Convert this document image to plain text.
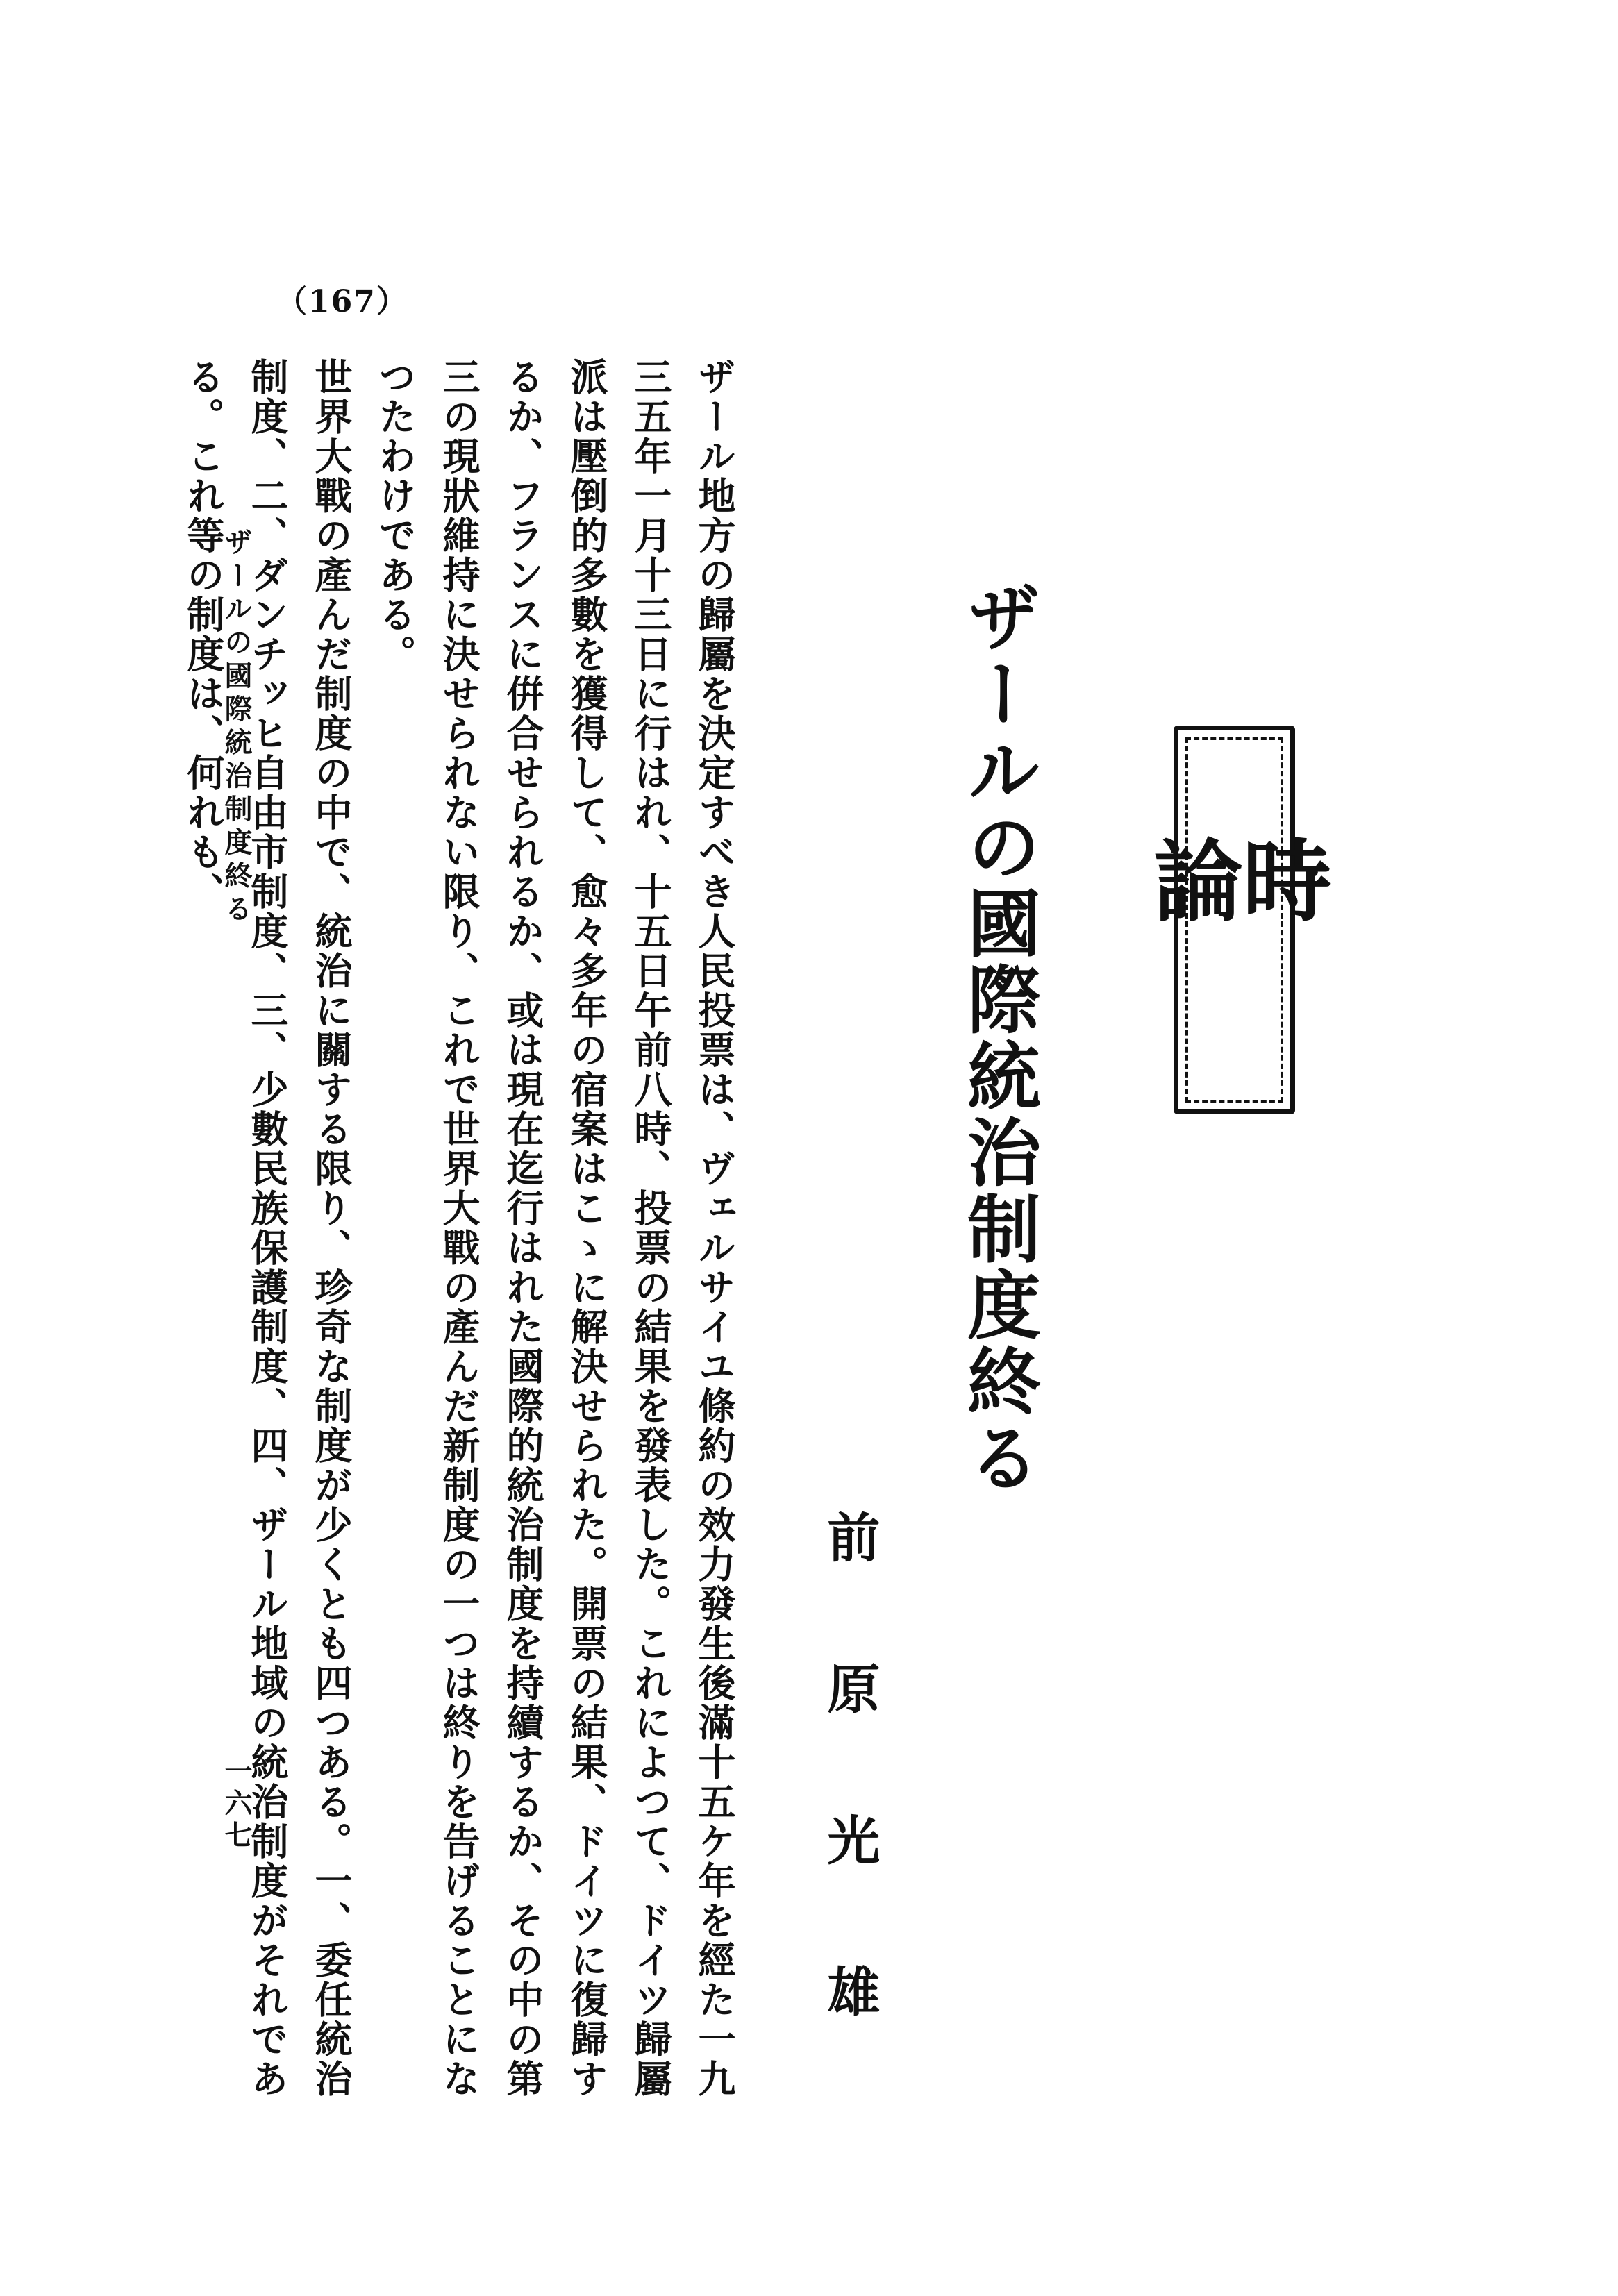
（167）
時論
ザールの國際統治制度終る
前原光雄

ザール地方の歸屬を決定すべき人民投票は、ヴェルサイユ條約の效力發生後滿十五ケ年を經た一九三五年一月十三日に行はれ、十五日午前八時、投票の結果を發表した。これによつて、ドイツ歸屬派は壓倒的多數を獲得して、愈々多年の宿案はこゝに解決せられた。開票の結果、ドイツに復歸するか、フランスに倂合せられるか、或は現在迄行はれた國際的統治制度を持續するか、その中の第三の現狀維持に決せられない限り、これで世界大戰の產んだ新制度の一つは終りを告げることになつたわけである。

世界大戰の產んだ制度の中で、統治に關する限り、珍奇な制度が少くとも四つある。一、委任統治制度、二、ダンチッヒ自由市制度、三、少數民族保護制度、四、ザール地域の統治制度がそれである。これ等の制度は、何れも、

ザールの國際統治制度終る
一六七
